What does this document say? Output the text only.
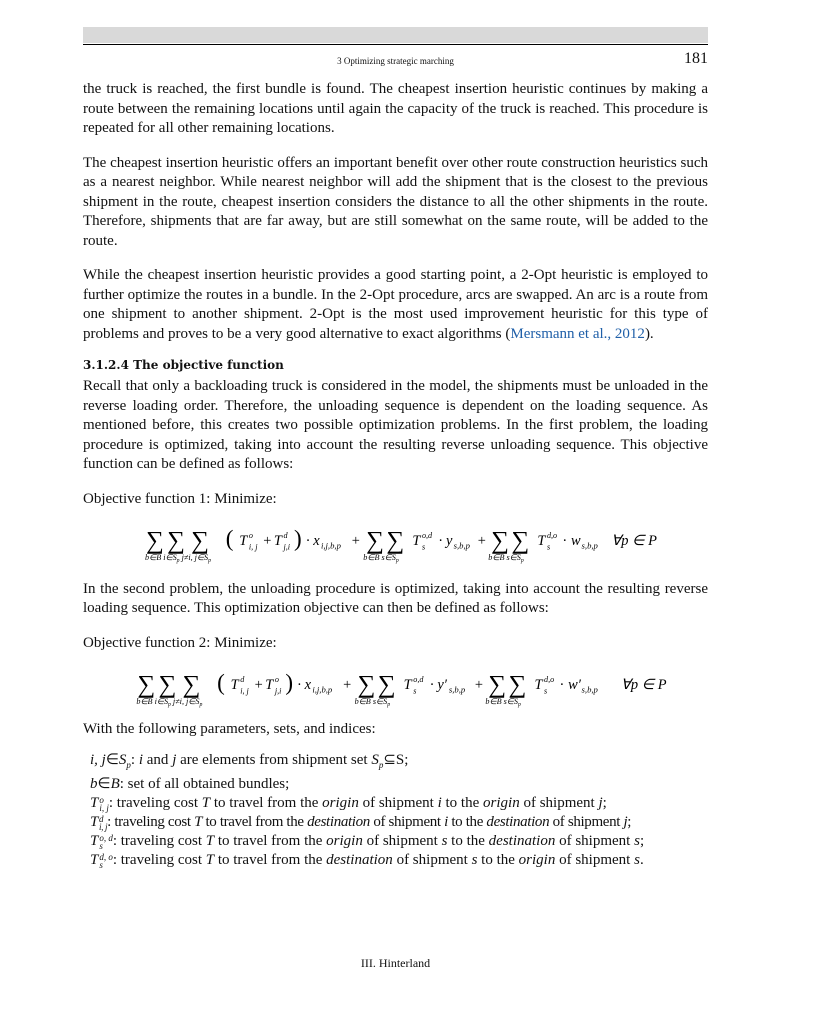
3 Optimizing strategic marching	181

the truck is reached, the first bundle is found. The cheapest insertion heuristic continues by making a route between the remaining locations until again the capacity of the truck is reached. This procedure is repeated for all other remaining locations.

The cheapest insertion heuristic offers an important benefit over other route construction heuristics such as a nearest neighbor. While nearest neighbor will add the shipment that is the closest to the previous shipment in the route, cheapest insertion considers the distance to all the other shipments in the route. Therefore, shipments that are far away, but are still somewhat on the same route, will be added to the route.

While the cheapest insertion heuristic provides a good starting point, a 2-Opt heuristic is employed to further optimize the routes in a bundle. In the 2-Opt procedure, arcs are swapped. An arc is a route from one shipment to another shipment. 2-Opt is the most used improvement heuristic for this type of problems and proves to be a very good alternative to exact algorithms (Mersmann et al., 2012).

3.1.2.4 The objective function

Recall that only a backloading truck is considered in the model, the shipments must be unloaded in the reverse loading order. Therefore, the unloading sequence is dependent on the loading sequence. As mentioned before, this creates two possible optimization problems. In the first problem, the loading procedure is optimized, taking into account the resulting reverse unloading sequence. This objective function can be defined as follows:

Objective function 1: Minimize:
∑ ∑ ∑
b∈B $i\in S_p$ j≠i, $j\in S_p$
( T o
i, j + T d
j,i ) · x i,j,b,p + ∑ ∑
b∈B $s\in S_p$
T o,d
s · y s,b,p + ∑ ∑
b∈B $s\in S_p$
T d,o
s · w s,b,p ∀p ∈ P

In the second problem, the unloading procedure is optimized, taking into account the resulting reverse loading sequence. This optimization objective can then be defined as follows:

Objective function 2: Minimize:
∑ ∑ ∑
b∈B $i\in S_p$ j≠i, $j\in S_p$
( T d
i, j + T o
j,i ) · x i,j,b,p + ∑ ∑
b∈B $s\in S_p$
T o,d
s · y′ s,b,p + ∑ ∑
b∈B $s\in S_p$
T d,o
s · w′ s,b,p ∀p ∈ P

With the following parameters, sets, and indices:

i, $j\in S_p$: i and j are elements from shipment set $S_p⊆S$;
b∈B: set of all obtained bundles;
T o
i, j : traveling cost T to travel from the origin of shipment i to the origin of shipment j;
T d
i, j : traveling cost T to travel from the destination of shipment i to the destination of shipment j;
T o, d
s : traveling cost T to travel from the origin of shipment s to the destination of shipment s;
T d, o
s : traveling cost T to travel from the destination of shipment s to the origin of shipment s.
III. Hinterland
